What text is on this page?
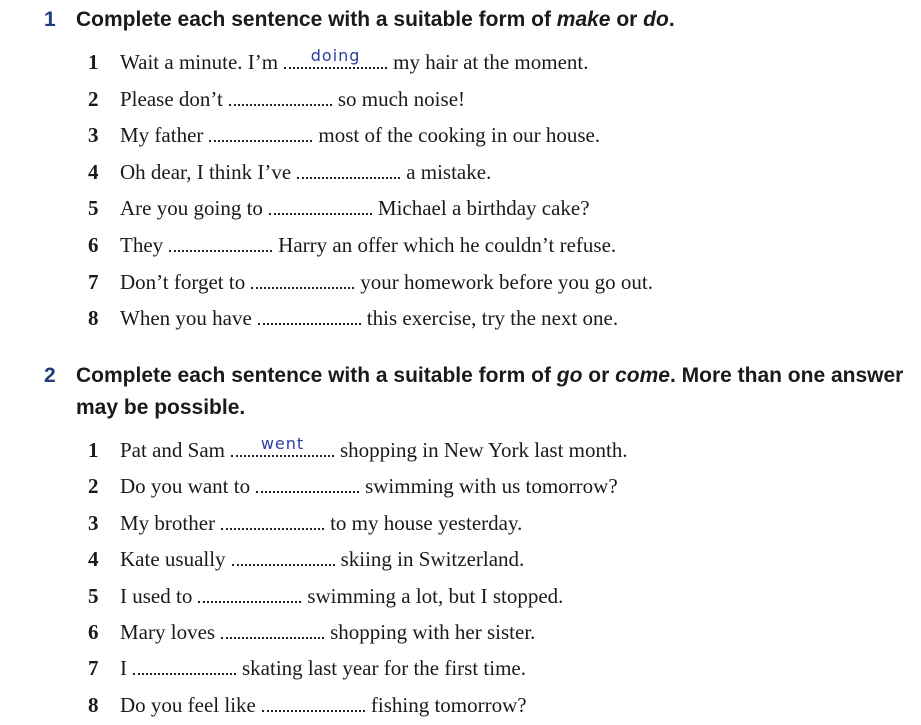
1 Complete each sentence with a suitable form of make or do.
1 Wait a minute. I’m	doing	my hair at the moment.
2 Please don’t	so much noise!
3 My father	most of the cooking in our house.
4 Oh dear, I think I’ve	a mistake.
5 Are you going to	Michael a birthday cake?
6 They	Harry an offer which he couldn’t refuse.
7 Don’t forget to	your homework before you go out.
8 When you have	this exercise, try the next one.
2 Complete each sentence with a suitable form of go or come. More than one answer may be possible.
1 Pat and Sam	went	shopping in New York last month.
2 Do you want to	swimming with us tomorrow?
3 My brother	to my house yesterday.
4 Kate usually	skiing in Switzerland.
5 I used to	swimming a lot, but I stopped.
6 Mary loves	shopping with her sister.
7 I	skating last year for the first time.
8 Do you feel like	fishing tomorrow?
